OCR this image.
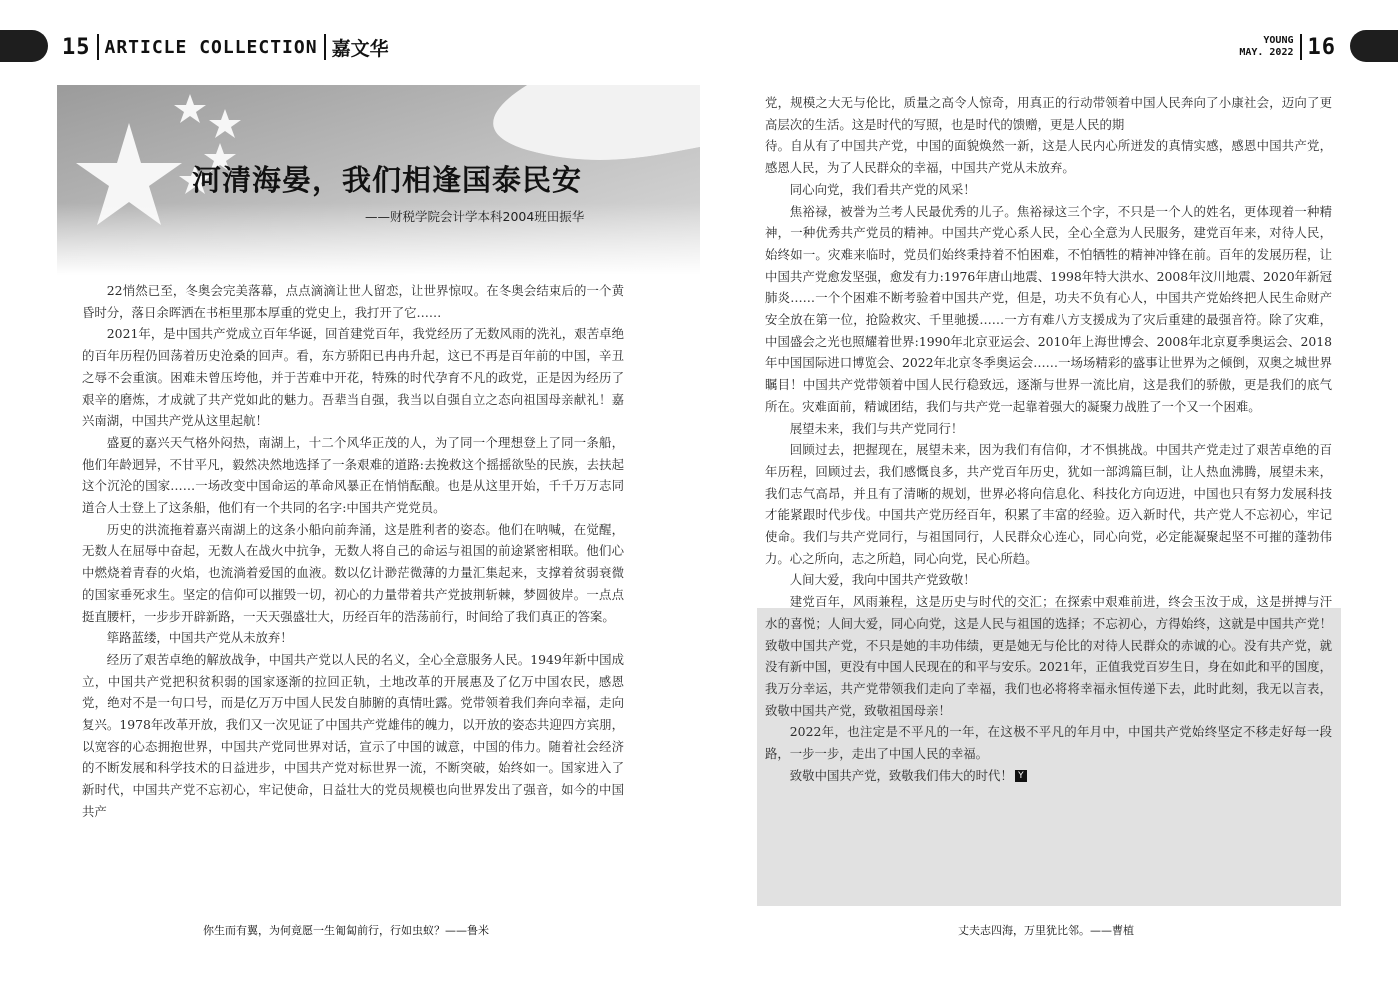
15 ARTICLE COLLECTION 嘉文华	YOUNG
MAY. 2022 16
河清海晏，我们相逢国泰民安
——财税学院会计学本科2004班田振华

22悄然已至，冬奥会完美落幕，点点滴滴让世人留恋，让世界惊叹。在冬奥会结束后的一个黄昏时分，落日余晖洒在书柜里那本厚重的党史上，我打开了它……

2021年，是中国共产党成立百年华诞，回首建党百年，我党经历了无数风雨的洗礼，艰苦卓绝的百年历程仍回荡着历史沧桑的回声。看，东方骄阳已冉冉升起，这已不再是百年前的中国，辛丑之辱不会重演。困难未曾压垮他，并于苦难中开花，特殊的时代孕育不凡的政党，正是因为经历了艰辛的磨炼，才成就了共产党如此的魅力。吾辈当自强，我当以自强自立之态向祖国母亲献礼！嘉兴南湖，中国共产党从这里起航！

盛夏的嘉兴天气格外闷热，南湖上，十二个风华正茂的人，为了同一个理想登上了同一条船，他们年龄迥异，不甘平凡，毅然决然地选择了一条艰难的道路:去挽救这个摇摇欲坠的民族，去扶起这个沉沦的国家……一场改变中国命运的革命风暴正在悄悄酝酿。也是从这里开始，千千万万志同道合人士登上了这条船，他们有一个共同的名字:中国共产党党员。

历史的洪流拖着嘉兴南湖上的这条小船向前奔涌，这是胜利者的姿态。他们在呐喊，在觉醒，无数人在屈辱中奋起，无数人在战火中抗争，无数人将自己的命运与祖国的前途紧密相联。他们心中燃烧着青春的火焰，也流淌着爱国的血液。数以亿计渺茫微薄的力量汇集起来，支撑着贫弱衰微的国家垂死求生。坚定的信仰可以摧毁一切，初心的力量带着共产党披荆斩棘，梦圆彼岸。一点点挺直腰杆，一步步开辟新路，一天天强盛壮大，历经百年的浩荡前行，时间给了我们真正的答案。

筚路蓝缕，中国共产党从未放弃！

经历了艰苦卓绝的解放战争，中国共产党以人民的名义，全心全意服务人民。1949年新中国成立，中国共产党把积贫积弱的国家逐渐的拉回正轨，土地改革的开展惠及了亿万中国农民，感恩党，绝对不是一句口号，而是亿万万中国人民发自肺腑的真情吐露。党带领着我们奔向幸福，走向复兴。1978年改革开放，我们又一次见证了中国共产党雄伟的魄力，以开放的姿态共迎四方宾朋，以宽容的心态拥抱世界，中国共产党同世界对话，宣示了中国的诚意，中国的伟力。随着社会经济的不断发展和科学技术的日益进步，中国共产党对标世界一流，不断突破，始终如一。国家进入了新时代，中国共产党不忘初心，牢记使命，日益壮大的党员规模也向世界发出了强音，如今的中国共产

党，规模之大无与伦比，质量之高令人惊奇，用真正的行动带领着中国人民奔向了小康社会，迈向了更高层次的生活。这是时代的写照，也是时代的馈赠，更是人民的期

待。自从有了中国共产党，中国的面貌焕然一新，这是人民内心所迸发的真情实感，感恩中国共产党，感恩人民，为了人民群众的幸福，中国共产党从未放弃。

同心向党，我们看共产党的风采！

焦裕禄，被誉为兰考人民最优秀的儿子。焦裕禄这三个字，不只是一个人的姓名，更体现着一种精神，一种优秀共产党员的精神。中国共产党心系人民，全心全意为人民服务，建党百年来，对待人民，始终如一。灾难来临时，党员们始终秉持着不怕困难，不怕牺牲的精神冲锋在前。百年的发展历程，让中国共产党愈发坚强，愈发有力:1976年唐山地震、1998年特大洪水、2008年汶川地震、2020年新冠肺炎……一个个困难不断考验着中国共产党，但是，功夫不负有心人，中国共产党始终把人民生命财产安全放在第一位，抢险救灾、千里驰援……一方有难八方支援成为了灾后重建的最强音符。除了灾难，中国盛会之光也照耀着世界:1990年北京亚运会、2010年上海世博会、2008年北京夏季奥运会、2018年中国国际进口博览会、2022年北京冬季奥运会……一场场精彩的盛事让世界为之倾倒，双奥之城世界瞩目！中国共产党带领着中国人民行稳致远，逐渐与世界一流比肩，这是我们的骄傲，更是我们的底气所在。灾难面前，精诚团结，我们与共产党一起靠着强大的凝聚力战胜了一个又一个困难。

展望未来，我们与共产党同行！

回顾过去，把握现在，展望未来，因为我们有信仰，才不惧挑战。中国共产党走过了艰苦卓绝的百年历程，回顾过去，我们感慨良多，共产党百年历史，犹如一部鸿篇巨制，让人热血沸腾，展望未来，我们志气高昂，并且有了清晰的规划，世界必将向信息化、科技化方向迈进，中国也只有努力发展科技才能紧跟时代步伐。中国共产党历经百年，积累了丰富的经验。迈入新时代，共产党人不忘初心，牢记使命。我们与共产党同行，与祖国同行，人民群众心连心，同心向党，必定能凝聚起坚不可摧的蓬勃伟力。心之所向，志之所趋，同心向党，民心所趋。

人间大爱，我向中国共产党致敬！

建党百年，风雨兼程，这是历史与时代的交汇；在探索中艰难前进，终会玉汝于成，这是拼搏与汗水的喜悦；人间大爱，同心向党，这是人民与祖国的选择；不忘初心，方得始终，这就是中国共产党！致敬中国共产党，不只是她的丰功伟绩，更是她无与伦比的对待人民群众的赤诚的心。没有共产党，就没有新中国，更没有中国人民现在的和平与安乐。2021年，正值我党百岁生日，身在如此和平的国度，我万分幸运，共产党带领我们走向了幸福，我们也必将将幸福永恒传递下去，此时此刻，我无以言表，致敬中国共产党，致敬祖国母亲！

2022年，也注定是不平凡的一年，在这极不平凡的年月中，中国共产党始终坚定不移走好每一段路，一步一步，走出了中国人民的幸福。

致敬中国共产党，致敬我们伟大的时代！ Y

你生而有翼，为何竟愿一生匍匐前行，行如虫蚁？——鲁米	丈夫志四海，万里犹比邻。——曹植
